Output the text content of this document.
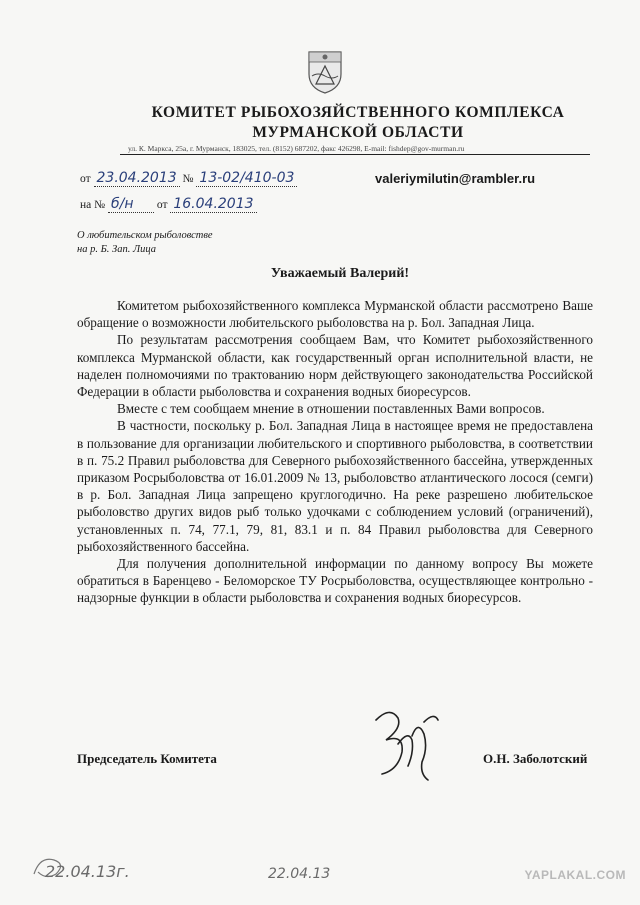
КОМИТЕТ РЫБОХОЗЯЙСТВЕННОГО КОМПЛЕКСА
МУРМАНСКОЙ ОБЛАСТИ
ул. К. Маркса, 25а, г. Мурманск, 183025, тел. (8152) 687202, факс 426298, E-mail: fishdep@gov-murman.ru
от 23.04.2013 № 13-02/410-03
на № б/н от 16.04.2013
valeriymilutin@rambler.ru
О любительском рыболовстве
на р. Б. Зап. Лица
Уважаемый Валерий!

Комитетом рыбохозяйственного комплекса Мурманской области рассмотрено Ваше обращение о возможности любительского рыболовства на р. Бол. Западная Лица.

По результатам рассмотрения сообщаем Вам, что Комитет рыбохозяйственного комплекса Мурманской области, как государственный орган исполнительной власти, не наделен полномочиями по трактованию норм действующего законодательства Российской Федерации в области рыболовства и сохранения водных биоресурсов.

Вместе с тем сообщаем мнение в отношении поставленных Вами вопросов.

В частности, поскольку р. Бол. Западная Лица в настоящее время не предоставлена в пользование для организации любительского и спортивного рыболовства, в соответствии в п. 75.2 Правил рыболовства для Северного рыбохозяйственного бассейна, утвержденных приказом Росрыболовства от 16.01.2009 № 13, рыболовство атлантического лосося (семги) в р. Бол. Западная Лица запрещено круглогодично. На реке разрешено любительское рыболовство других видов рыб только удочками с соблюдением условий (ограничений), установленных п. 74, 77.1, 79, 81, 83.1 и п. 84 Правил рыболовства для Северного рыбохозяйственного бассейна.

Для получения дополнительной информации по данному вопросу Вы можете обратиться в Баренцево - Беломорское ТУ Росрыболовства, осуществляющее контрольно - надзорные функции в области рыболовства и сохранения водных биоресурсов.

Председатель Комитета	О.Н. Заболотский
22.04.13г.	22.04.13	YAPLAKAL.COM
